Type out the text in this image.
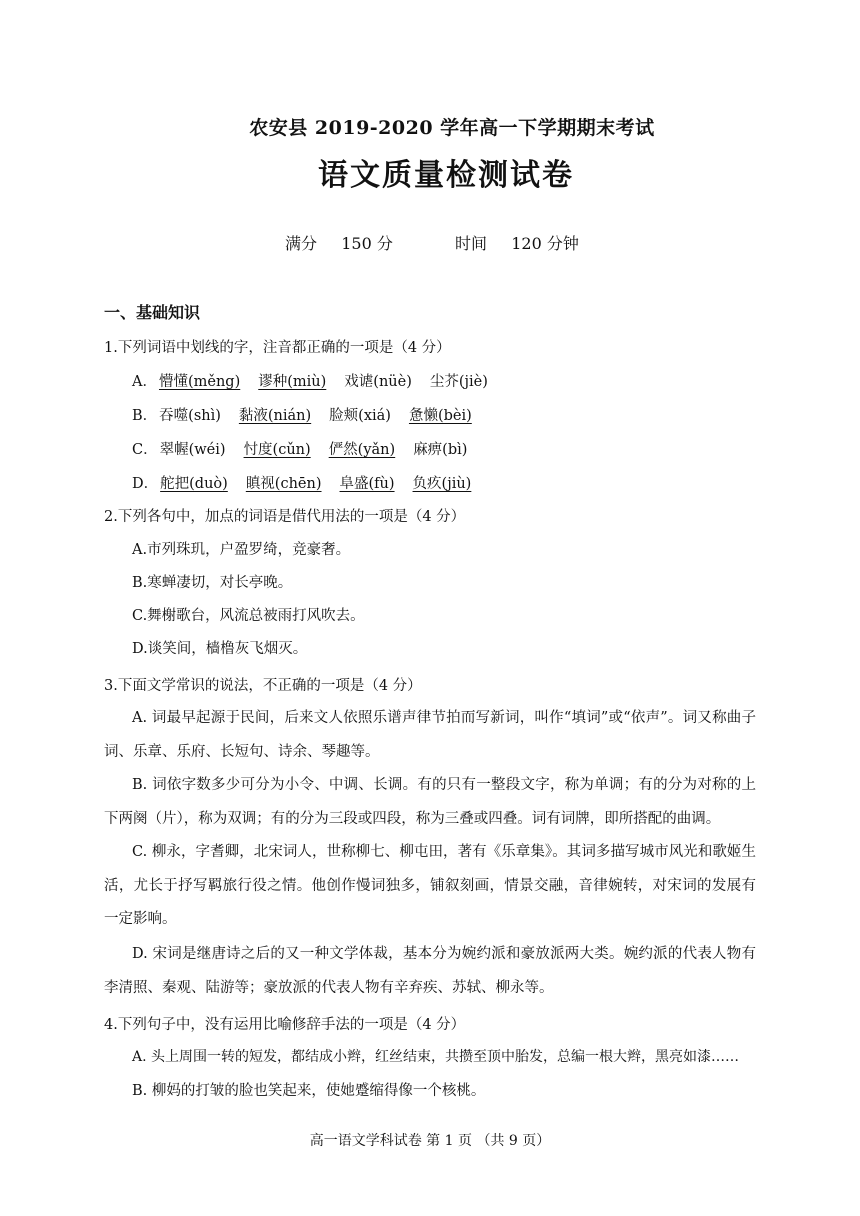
农安县 2019-2020 学年高一下学期期末考试
语文质量检测试卷
满分 150 分	时间 120 分钟
一、基础知识
1.下列词语中划线的字，注音都正确的一项是（4 分）
A． 懵懂(měng) 谬种(miù) 戏谑(nüè) 尘芥(jiè)
B． 吞噬(shì) 黏液(nián) 脸颊(xiá) 惫懒(bèi)
C． 翠幄(wéi) 忖度(cǔn) 俨然(yǎn) 麻痹(bì)
D． 舵把(duò) 瞋视(chēn) 阜盛(fù) 负疚(jiù)
2.下列各句中，加点的词语是借代用法的一项是（4 分）
A.市列珠玑，户盈罗绮，竞豪奢。
B.寒蝉凄切，对长亭晚。
C.舞榭歌台，风流总被雨打风吹去。
D.谈笑间，樯橹灰飞烟灭。
3.下面文学常识的说法，不正确的一项是（4 分）
A. 词最早起源于民间，后来文人依照乐谱声律节拍而写新词，叫作“填词”或“依声”。词又称曲子词、乐章、乐府、长短句、诗余、琴趣等。
B. 词依字数多少可分为小令、中调、长调。有的只有一整段文字，称为单调；有的分为对称的上下两阕（片），称为双调；有的分为三段或四段，称为三叠或四叠。词有词牌，即所搭配的曲调。
C. 柳永，字耆卿，北宋词人，世称柳七、柳屯田，著有《乐章集》。其词多描写城市风光和歌姬生活，尤长于抒写羁旅行役之情。他创作慢词独多，铺叙刻画，情景交融，音律婉转，对宋词的发展有一定影响。
D. 宋词是继唐诗之后的又一种文学体裁，基本分为婉约派和豪放派两大类。婉约派的代表人物有李清照、秦观、陆游等；豪放派的代表人物有辛弃疾、苏轼、柳永等。
4.下列句子中，没有运用比喻修辞手法的一项是（4 分）
A. 头上周围一转的短发，都结成小辫，红丝结束，共攒至顶中胎发，总编一根大辫，黑亮如漆……
B. 柳妈的打皱的脸也笑起来，使她蹙缩得像一个核桃。
高一语文学科试卷 第 1 页 （共 9 页）
